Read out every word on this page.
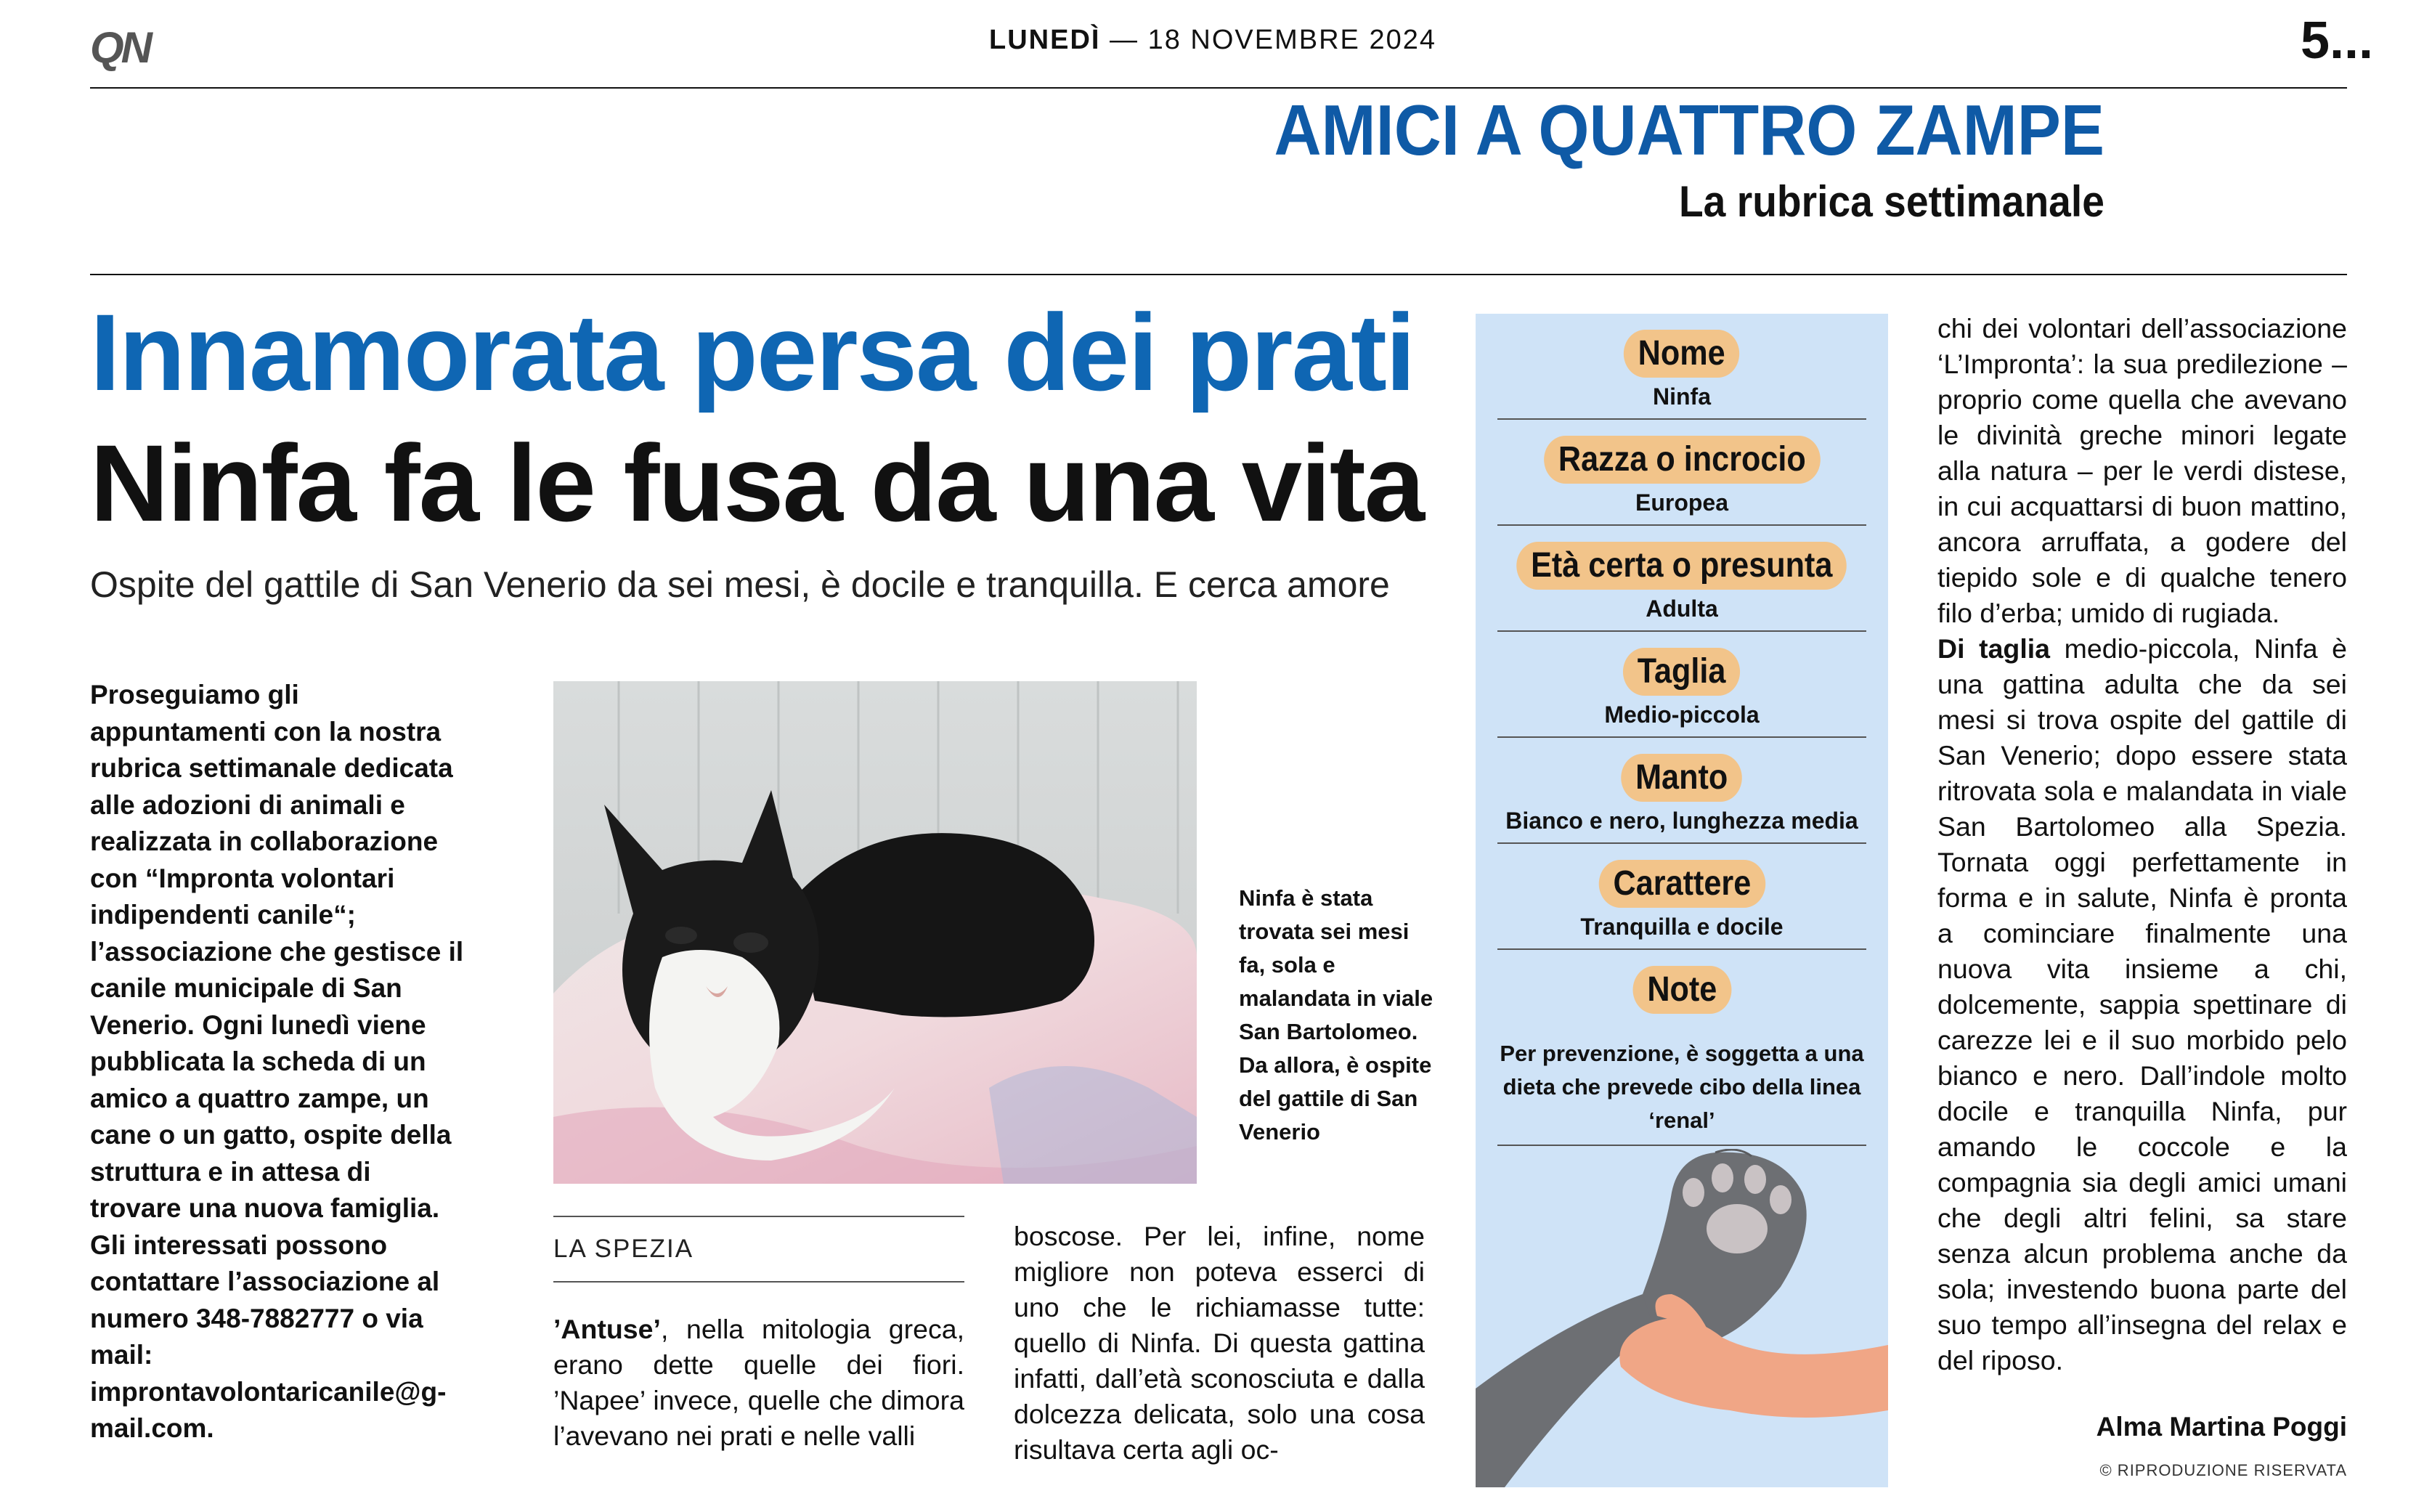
QN	LUNEDÌ — 18 NOVEMBRE 2024	5...
AMICI A QUATTRO ZAMPE
La rubrica settimanale
Innamorata persa dei prati
Ninfa fa le fusa da una vita
Ospite del gattile di San Venerio da sei mesi, è docile e tranquilla. E cerca amore
Proseguiamo gli appuntamenti con la nostra rubrica settimanale dedicata alle adozioni di animali e realizzata in collaborazione con “Impronta volontari indipendenti canile“; l’associazione che gestisce il canile municipale di San Venerio. Ogni lunedì viene pubblicata la scheda di un amico a quattro zampe, un cane o un gatto, ospite della struttura e in attesa di trovare una nuova famiglia. Gli interessati possono contattare l’associazione al numero 348-7882777 o via mail: improntavolontaricanile@g-mail.com.
Ninfa è stata trovata sei mesi fa, sola e malandata in viale San Bartolomeo. Da allora, è ospite del gattile di San Venerio
LA SPEZIA
’Antuse’, nella mitologia greca, erano dette quelle dei fiori. ’Napee’ invece, quelle che dimora l’avevano nei prati e nelle valli
boscose. Per lei, infine, nome migliore non poteva esserci di uno che le richiamasse tutte: quello di Ninfa. Di questa gattina infatti, dall’età sconosciuta e dalla dolcezza delicata, solo una cosa risultava certa agli oc-
Nome
Ninfa
Razza o incrocio
Europea
Età certa o presunta
Adulta
Taglia
Medio-piccola
Manto
Bianco e nero, lunghezza media
Carattere
Tranquilla e docile
Note
Per prevenzione, è soggetta a una dieta che prevede cibo della linea ‘renal’
chi dei volontari dell’associazione ‘L’Impronta’: la sua predilezione – proprio come quella che avevano le divinità greche minori legate alla natura – per le verdi distese, in cui acquattarsi di buon mattino, ancora arruffata, a godere del tiepido sole e di qualche tenero filo d’erba; umido di rugiada.
Di taglia medio-piccola, Ninfa è una gattina adulta che da sei mesi si trova ospite del gattile di San Venerio; dopo essere stata ritrovata sola e malandata in viale San Bartolomeo alla Spezia. Tornata oggi perfettamente in forma e in salute, Ninfa è pronta a cominciare finalmente una nuova vita insieme a chi, dolcemente, sappia spettinare di carezze lei e il suo morbido pelo bianco e nero. Dall’indole molto docile e tranquilla Ninfa, pur amando le coccole e la compagnia sia degli amici umani che degli altri felini, sa stare senza alcun problema anche da sola; investendo buona parte del suo tempo all’insegna del relax e del riposo.
Alma Martina Poggi
© RIPRODUZIONE RISERVATA
